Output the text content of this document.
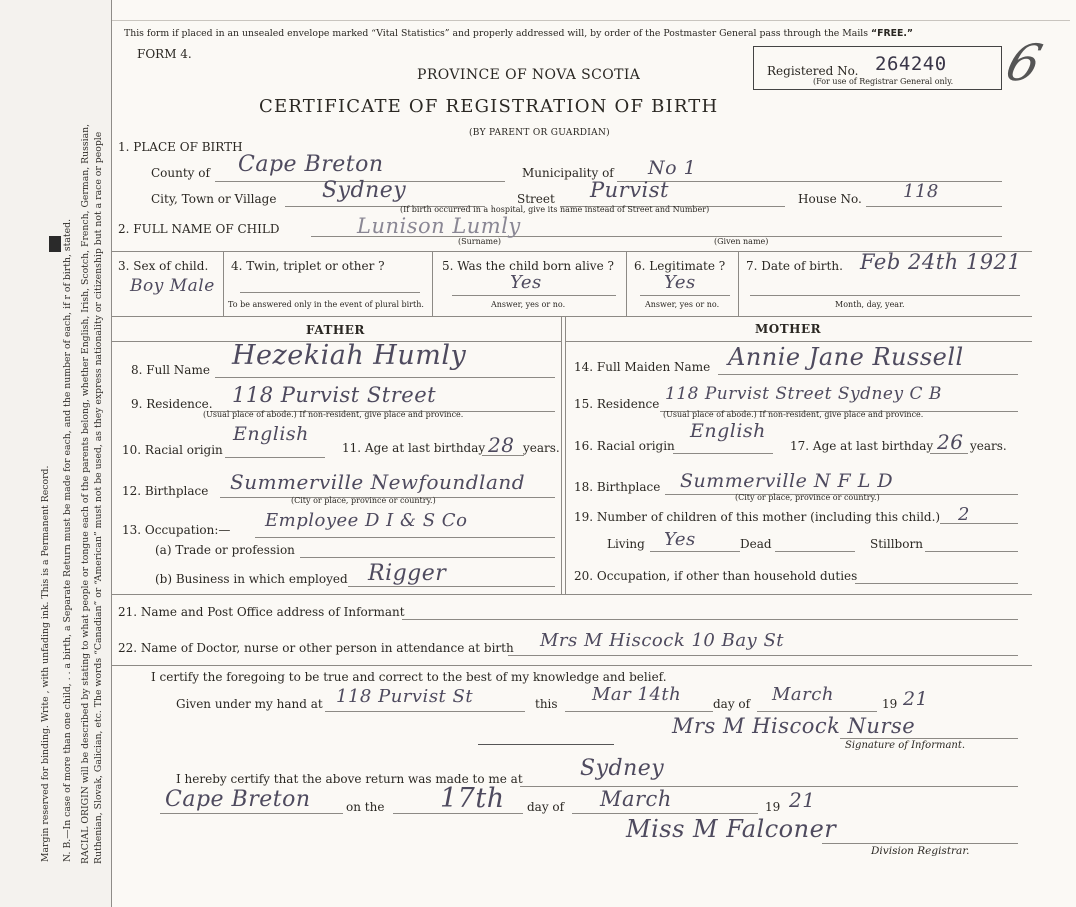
Margin reserved for binding. Write , with unfading ink. This is a Permanent Record. N. B.—In case of more than one child, . . a birth, a Separate Return must be made for each, and the number of each, if r of birth, stated. RACIAL ORIGIN will be described by stating to what people or tongue each of the parents belong, whether English, Irish, Scotch, French, German, Russian, Ruthenian, Slovak, Galician, etc. The words “Canadian” or “American” must not be used, as they express nationality or citizenship but not a race or people
This form if placed in an unsealed envelope marked “Vital Statistics” and properly addressed will, by order of the Postmaster General pass through the Mails “FREE.”
FORM 4.
PROVINCE OF NOVA SCOTIA
CERTIFICATE OF REGISTRATION OF BIRTH
(BY PARENT OR GUARDIAN)
Registered No. 264240
(For use of Registrar General only. 6
1. PLACE OF BIRTH
County of Cape Breton	Municipality of No 1
City, Town or Village Sydney	Street Purvist	House No. 118
(If birth occurred in a hospital, give its name instead of Street and Number)
2. FULL NAME OF CHILD	Lunison Lumly
(Surname)	(Given name)
3. Sex of child.
Boy Male
4. Twin, triplet or other ?
To be answered only in the event of plural birth.
5. Was the child born alive ?
Yes
Answer, yes or no.
6. Legitimate ?
Yes
Answer, yes or no.
7. Date of birth. Feb 24th 1921
Month, day, year.
FATHER	MOTHER
8. Full Name Hezekiah Humly
9. Residence. 118 Purvist Street
(Usual place of abode.) If non-resident, give place and province.
10. Racial origin
English
11. Age at last birthday 28 years.
12. Birthplace Summerville Newfoundland
(City or place, province or country.)
13. Occupation:— Employee D I & S Co
(a) Trade or profession
(b) Business in which employed Rigger
14. Full Maiden Name Annie Jane Russell
15. Residence 118 Purvist Street Sydney C B
(Usual place of abode.) If non-resident, give place and province.
16. Racial origin
English
17. Age at last birthday 26 years.
18. Birthplace Summerville N F L D
(City or place, province or country.)
19. Number of children of this mother (including this child.) 2
Living Yes	Dead	Stillborn
20. Occupation, if other than household duties
21. Name and Post Office address of Informant
22. Name of Doctor, nurse or other person in attendance at birth Mrs M Hiscock 10 Bay St
I certify the foregoing to be true and correct to the best of my knowledge and belief.
Given under my hand at 118 Purvist St	this Mar 14th	day of March	19 21
Mrs M Hiscock Nurse
Signature of Informant.
I hereby certify that the above return was made to me at	Sydney
Cape Breton	on the 17th day of March	19 21
Miss M Falconer
Division Registrar.
